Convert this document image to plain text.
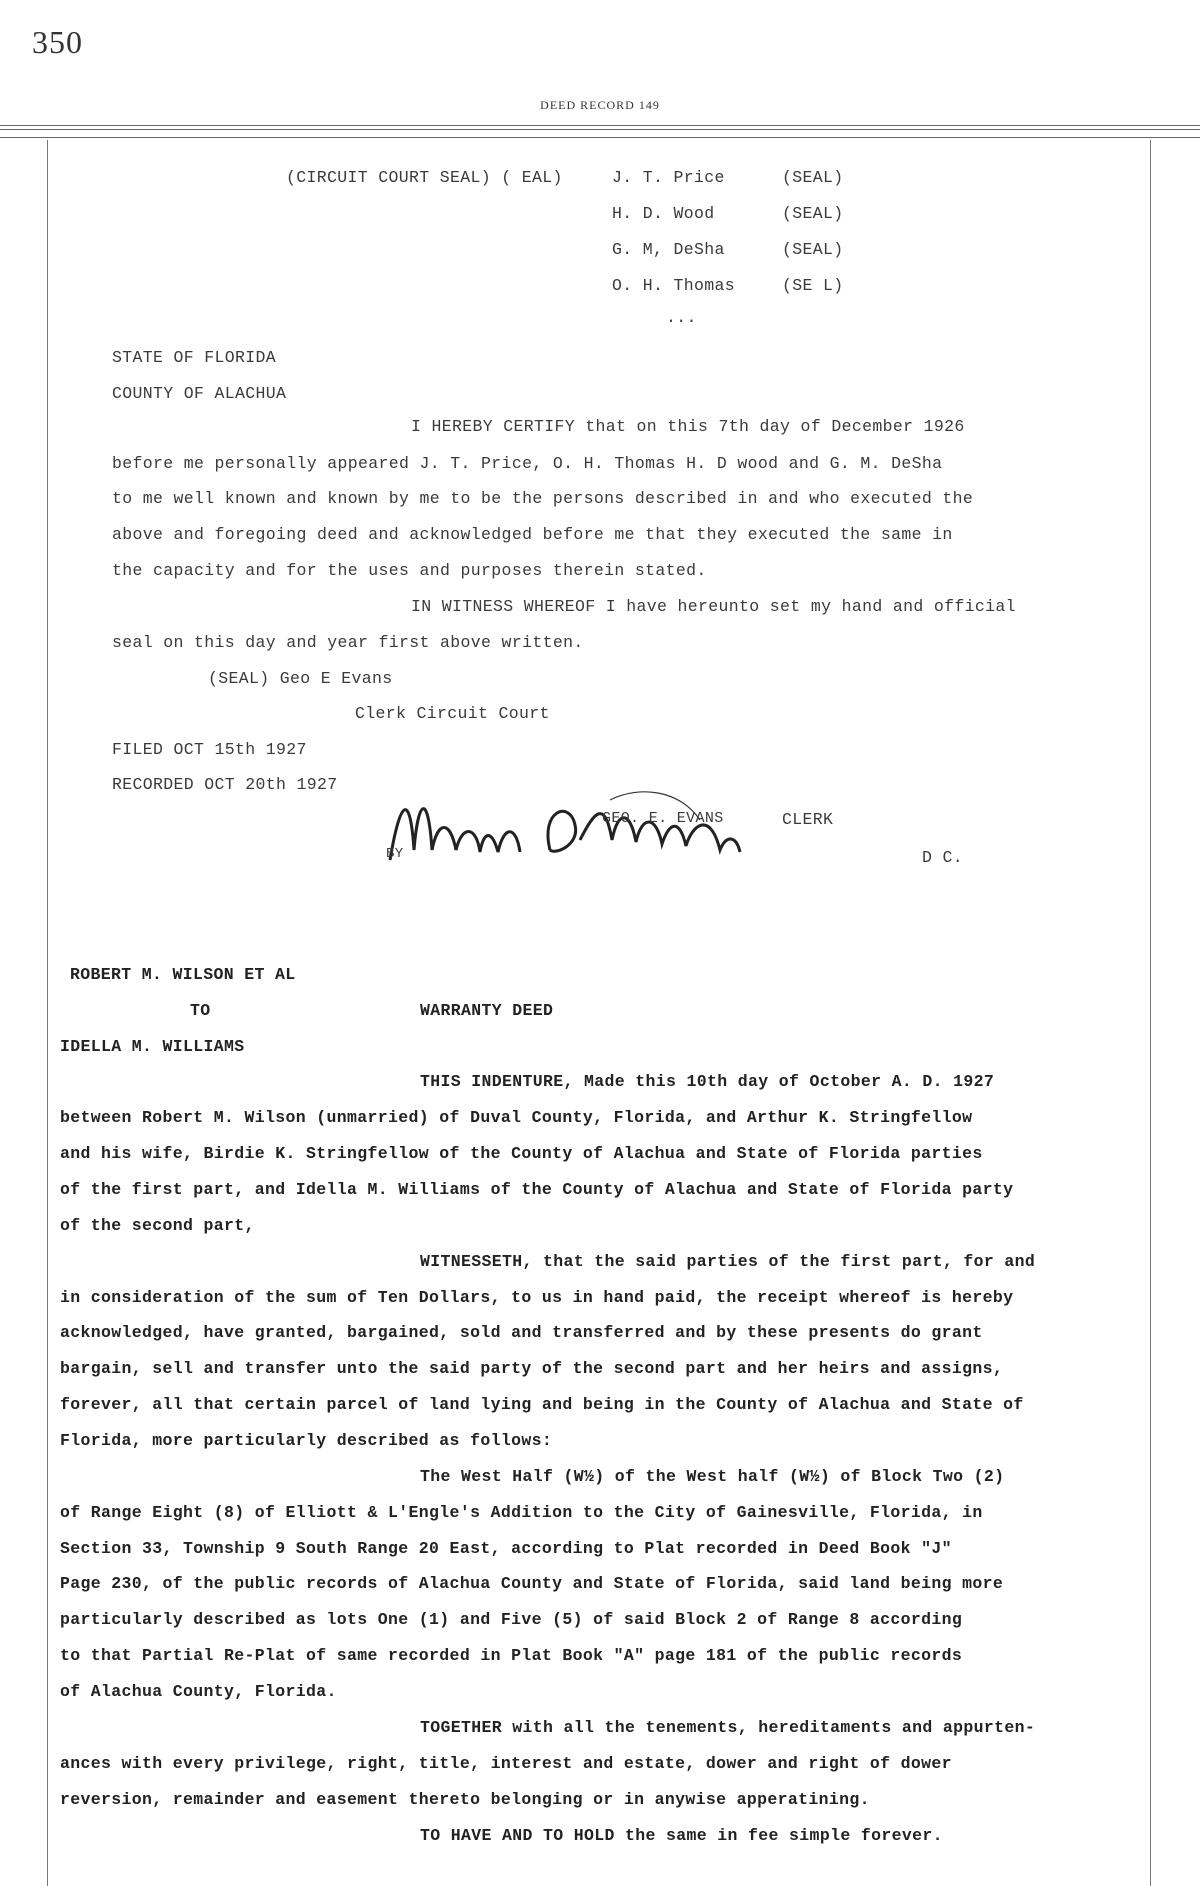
350
DEED RECORD 149
(CIRCUIT COURT SEAL) ( EAL)	J. T. Price	(SEAL)
H. D. Wood	(SEAL)
G. M, DeSha	(SEAL)
O. H. Thomas	(SE L)
...
STATE OF FLORIDA
COUNTY OF ALACHUA
I HEREBY CERTIFY that on this 7th day of December 1926
before me personally appeared J. T. Price, O. H. Thomas H. D wood and G. M. DeSha
to me well known and known by me to be the persons described in and who executed the
above and foregoing deed and acknowledged before me that they executed the same in
the capacity and for the uses and purposes therein stated.
IN WITNESS WHEREOF I have hereunto set my hand and official
seal on this day and year first above written.
(SEAL) Geo E Evans
Clerk Circuit Court
FILED OCT 15th 1927
RECORDED OCT 20th 1927
BY
GEO. E. EVANS	CLERK
D C.
ROBERT M. WILSON ET AL
TO	WARRANTY DEED
IDELLA M. WILLIAMS
THIS INDENTURE, Made this 10th day of October A. D. 1927
between Robert M. Wilson (unmarried) of Duval County, Florida, and Arthur K. Stringfellow
and his wife, Birdie K. Stringfellow of the County of Alachua and State of Florida parties
of the first part, and Idella M. Williams of the County of Alachua and State of Florida party
of the second part,
WITNESSETH, that the said parties of the first part, for and
in consideration of the sum of Ten Dollars, to us in hand paid, the receipt whereof is hereby
acknowledged, have granted, bargained, sold and transferred and by these presents do grant
bargain, sell and transfer unto the said party of the second part and her heirs and assigns,
forever, all that certain parcel of land lying and being in the County of Alachua and State of
Florida, more particularly described as follows:
The West Half (W½) of the West half (W½) of Block Two (2)
of Range Eight (8) of Elliott & L'Engle's Addition to the City of Gainesville, Florida, in
Section 33, Township 9 South Range 20 East, according to Plat recorded in Deed Book "J"
Page 230, of the public records of Alachua County and State of Florida, said land being more
particularly described as lots One (1) and Five (5) of said Block 2 of Range 8 according
to that Partial Re-Plat of same recorded in Plat Book "A" page 181 of the public records
of Alachua County, Florida.
TOGETHER with all the tenements, hereditaments and appurten-
ances with every privilege, right, title, interest and estate, dower and right of dower
reversion, remainder and easement thereto belonging or in anywise apperatining.
TO HAVE AND TO HOLD the same in fee simple forever.
